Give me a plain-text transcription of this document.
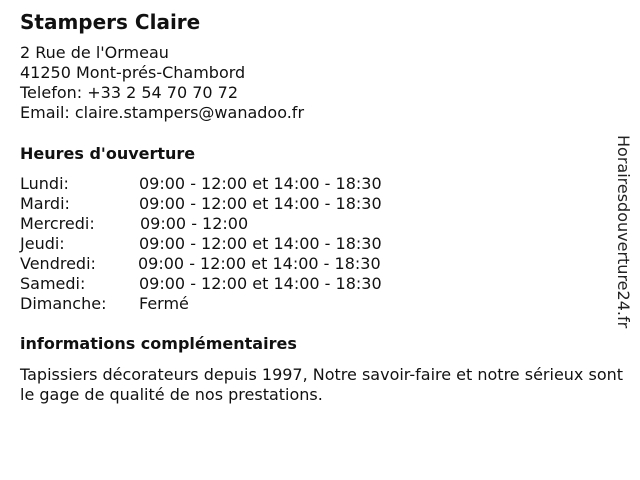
Stampers Claire
2 Rue de l'Ormeau
41250 Mont-prés-Chambord
Telefon: +33 2 54 70 70 72
Email: claire.stampers@wanadoo.fr
Heures d'ouverture
Lundi:	09:00 - 12:00 et 14:00 - 18:30
Mardi:	09:00 - 12:00 et 14:00 - 18:30
Mercredi:	09:00 - 12:00
Jeudi:	09:00 - 12:00 et 14:00 - 18:30
Vendredi:	09:00 - 12:00 et 14:00 - 18:30
Samedi:	09:00 - 12:00 et 14:00 - 18:30
Dimanche: Fermé
informations complémentaires

Tapissiers décorateurs depuis 1997, Notre savoir-faire et notre sérieux sont le gage de qualité de nos prestations.

Horairesdouverture24.fr
